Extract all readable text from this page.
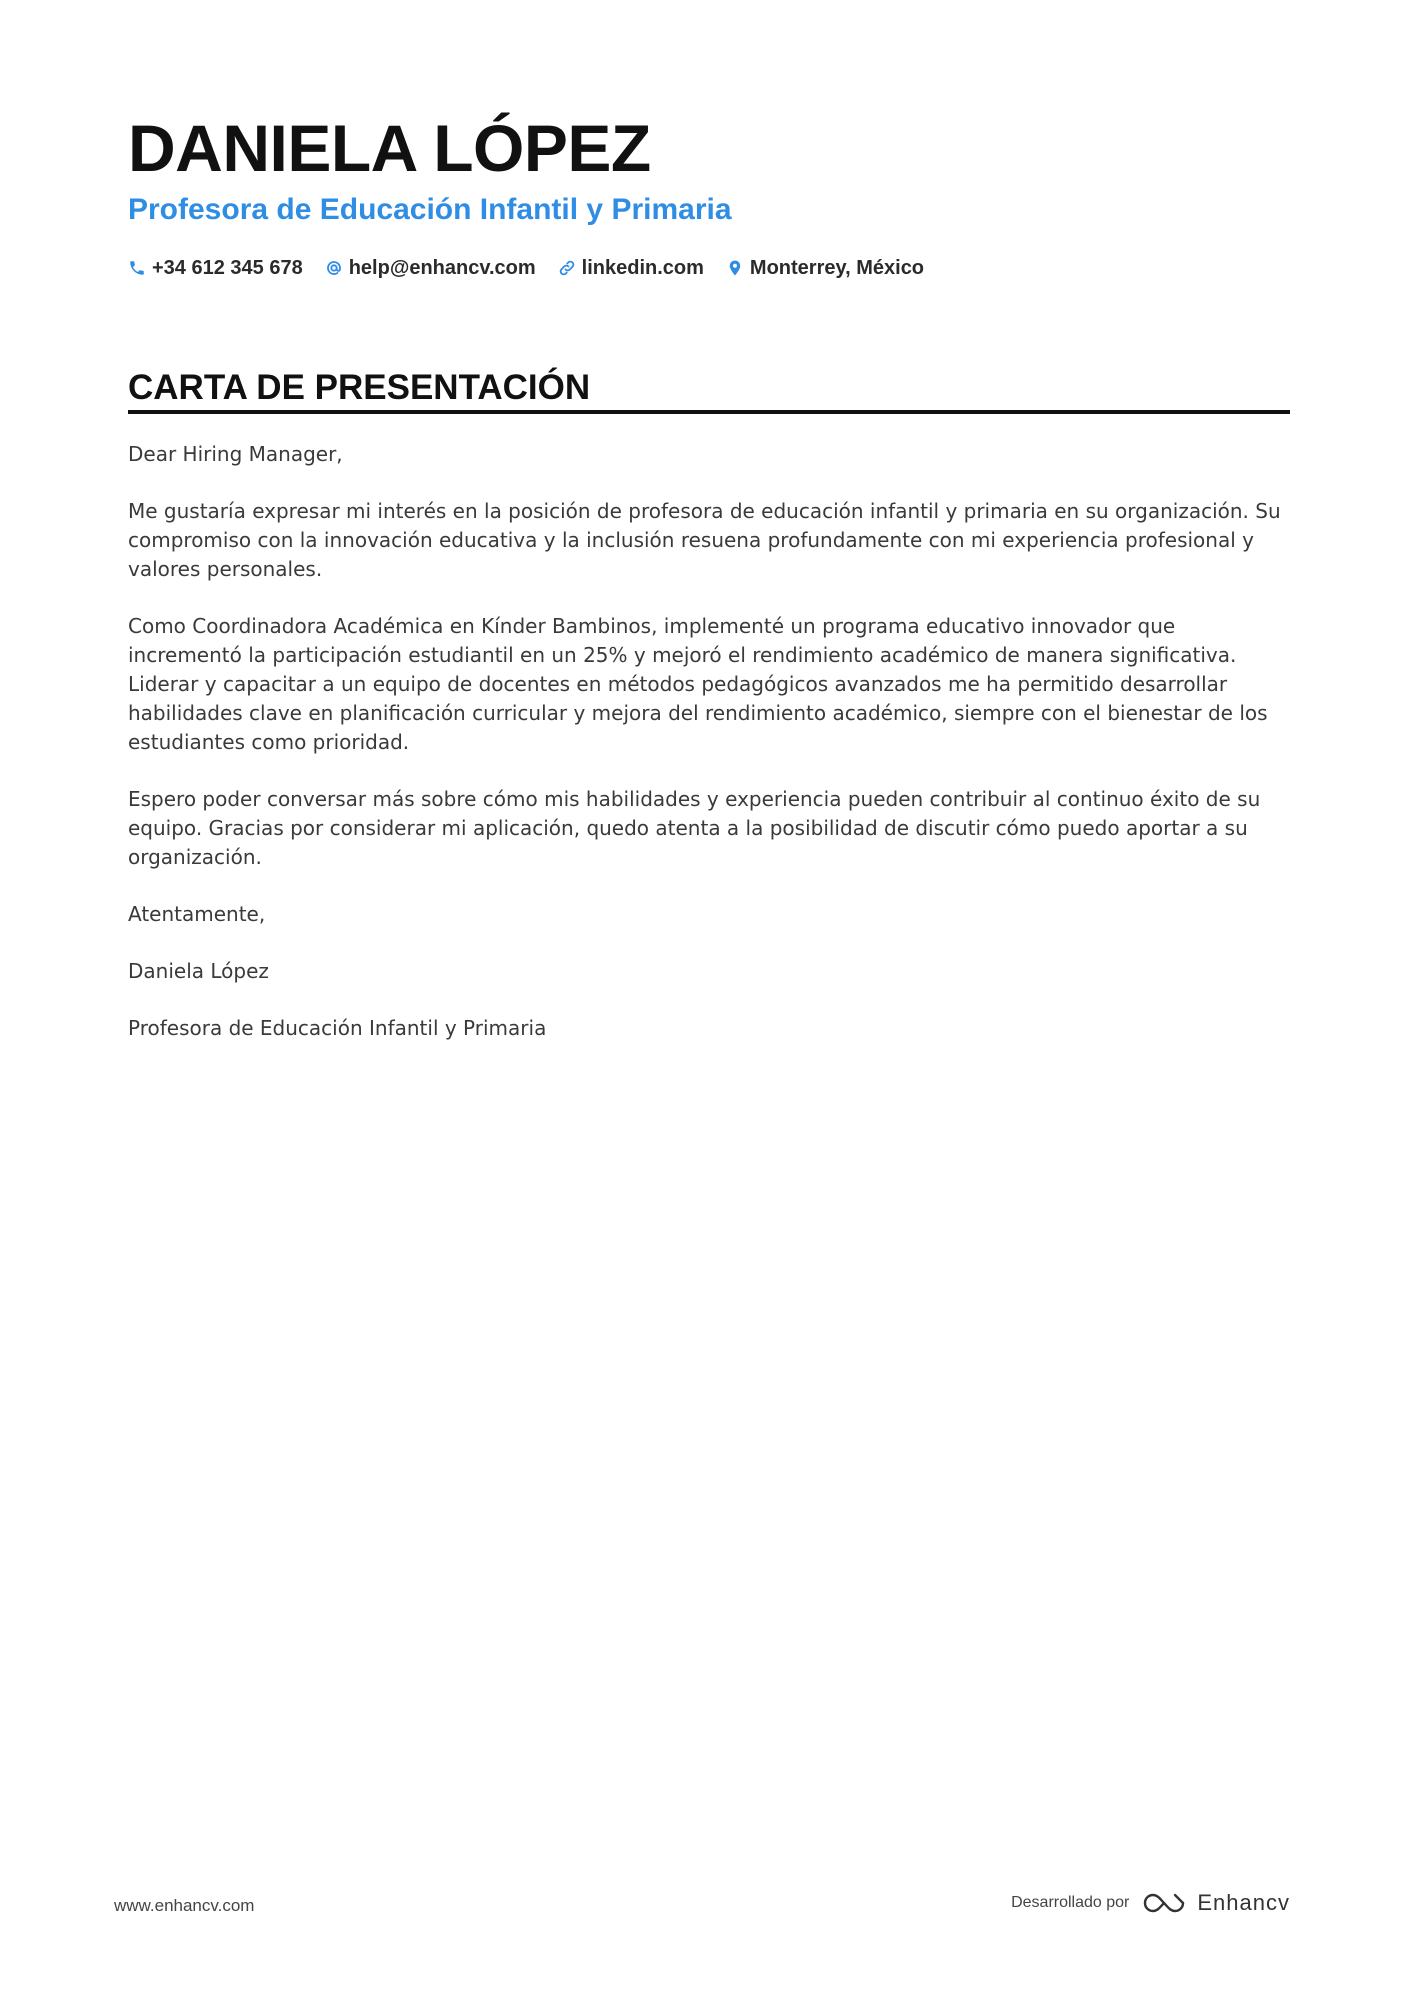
DANIELA LÓPEZ
Profesora de Educación Infantil y Primaria
+34 612 345 678 help@enhancv.com linkedin.com Monterrey, México
CARTA DE PRESENTACIÓN

Dear Hiring Manager,

Me gustaría expresar mi interés en la posición de profesora de educación infantil y primaria en su organización. Su compromiso con la innovación educativa y la inclusión resuena profundamente con mi experiencia profesional y valores personales.

Como Coordinadora Académica en Kínder Bambinos, implementé un programa educativo innovador que incrementó la participación estudiantil en un 25% y mejoró el rendimiento académico de manera significativa. Liderar y capacitar a un equipo de docentes en métodos pedagógicos avanzados me ha permitido desarrollar habilidades clave en planificación curricular y mejora del rendimiento académico, siempre con el bienestar de los estudiantes como prioridad.

Espero poder conversar más sobre cómo mis habilidades y experiencia pueden contribuir al continuo éxito de su equipo. Gracias por considerar mi aplicación, quedo atenta a la posibilidad de discutir cómo puedo aportar a su organización.

Atentamente,

Daniela López

Profesora de Educación Infantil y Primaria

www.enhancv.com	Desarrollado por	Enhancv
